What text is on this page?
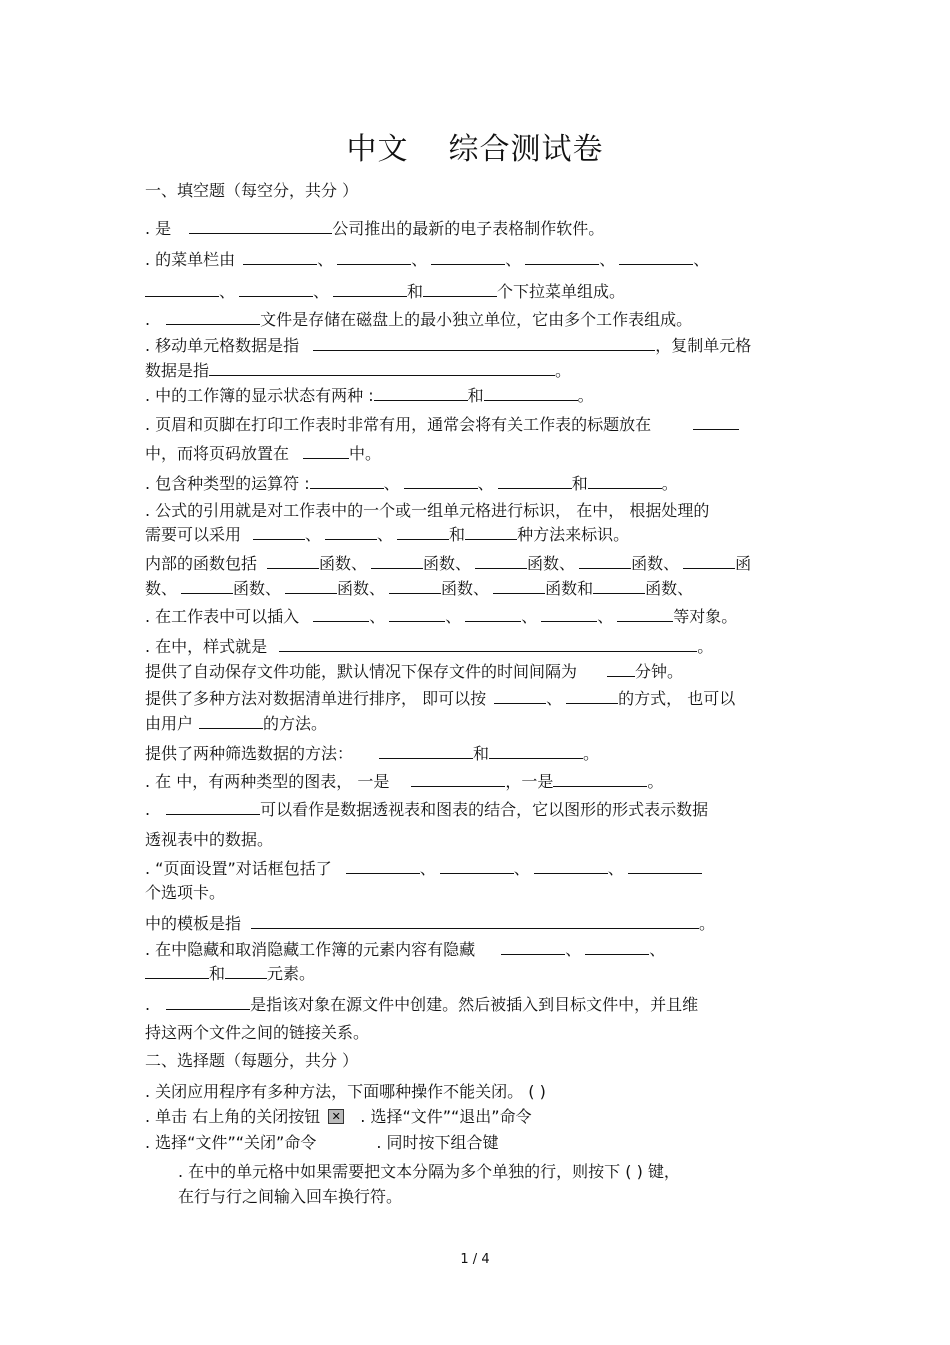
中文 综合测试卷
一、填空题（每空分，共分 ）
. 是	公司推出的最新的电子表格制作软件。
. 的菜单栏由	、	、	、	、	、
、	、	和	个下拉菜单组成。
.	文件是存储在磁盘上的最小独立单位，它由多个工作表组成。
. 移动单元格数据是指	，复制单元格
数据是指	。
. 中的工作簿的显示状态有两种 :	和	。
. 页眉和页脚在打印工作表时非常有用，通常会将有关工作表的标题放在
中，而将页码放置在	中。
. 包含种类型的运算符 :	、	、	和	。
. 公式的引用就是对工作表中的一个或一组单元格进行标识， 在中， 根据处理的
需要可以采用	、	、	和	种方法来标识。
内部的函数包括	函数、	函数、	函数、	函数、	函
数、	函数、	函数、	函数、	函数和	函数、
. 在工作表中可以插入	、	、	、	、	等对象。
. 在中，样式就是	。
提供了自动保存文件功能，默认情况下保存文件的时间间隔为	分钟。
提供了多种方法对数据清单进行排序， 即可以按	、	的方式， 也可以
由用户	的方法。
提供了两种筛选数据的方法：	和	。
. 在 中，有两种类型的图表， 一是	，一是	。
.	可以看作是数据透视表和图表的结合，它以图形的形式表示数据
透视表中的数据。
. “页面设置”对话框包括了	、	、	、
个选项卡。
中的模板是指	。
. 在中隐藏和取消隐藏工作簿的元素内容有隐藏	、	、
和	元素。
.	是指该对象在源文件中创建。然后被插入到目标文件中，并且维
持这两个文件之间的链接关系。
二、选择题（每题分，共分 ）
. 关闭应用程序有多种方法，下面哪种操作不能关闭。 ( )
. 单击 右上角的关闭按钮 ✕ . 选择“文件”“退出”命令
. 选择“文件”“关闭”命令	. 同时按下组合键
. 在中的单元格中如果需要把文本分隔为多个单独的行，则按下 ( ) 键，
在行与行之间输入回车换行符。
1 / 4
